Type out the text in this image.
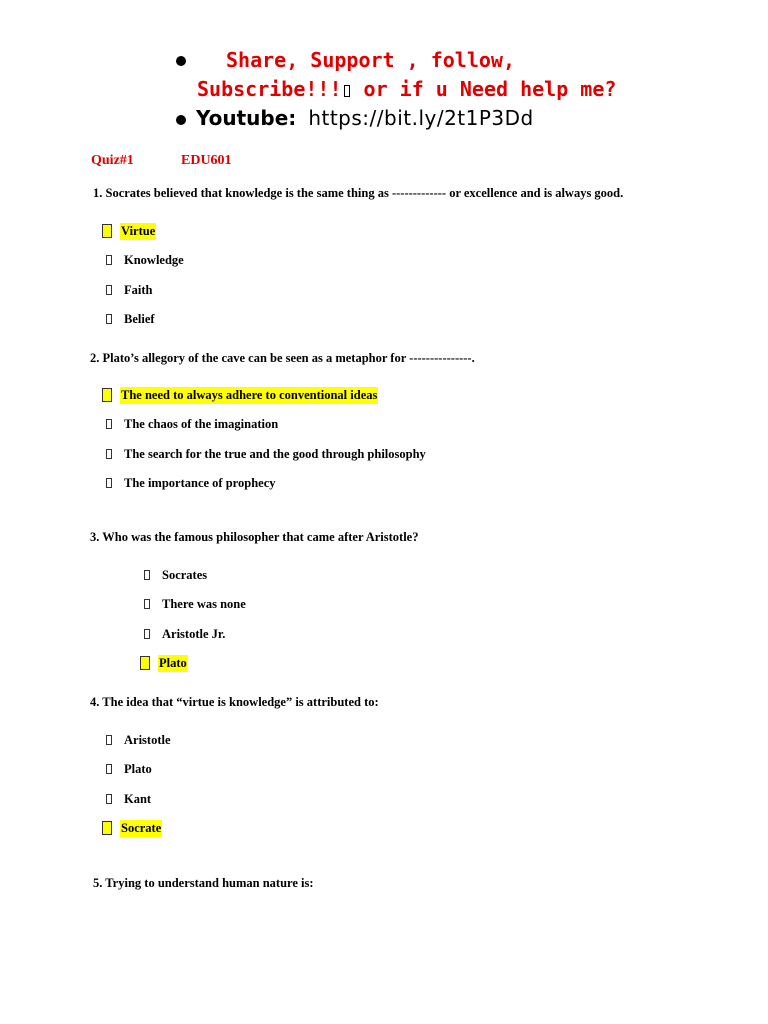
Share, Support , follow,
Subscribe!!! or if u Need help me?
Youtube: https://bit.ly/2t1P3Dd
Quiz#1	EDU601
1. Socrates believed that knowledge is the same thing as ------------- or excellence and is always good.
Virtue
Knowledge
Faith
Belief
2. Plato’s allegory of the cave can be seen as a metaphor for ---------------.
The need to always adhere to conventional ideas
The chaos of the imagination
The search for the true and the good through philosophy
The importance of prophecy
3. Who was the famous philosopher that came after Aristotle?
Socrates
There was none
Aristotle Jr.
Plato
4. The idea that “virtue is knowledge” is attributed to:
Aristotle
Plato
Kant
Socrate
5. Trying to understand human nature is:
